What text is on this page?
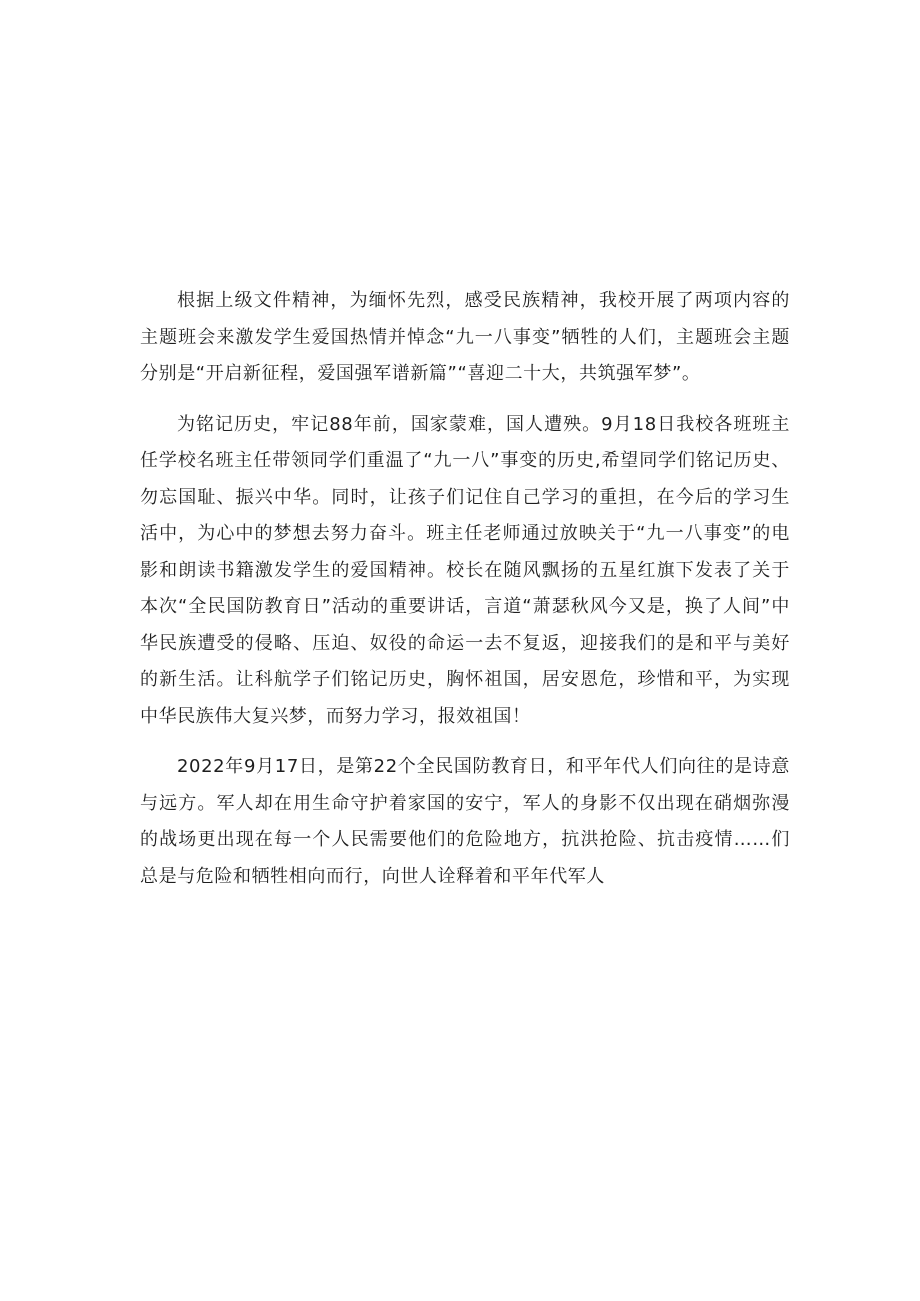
根据上级文件精神，为缅怀先烈，感受民族精神，我校开展了两项内容的主题班会来激发学生爱国热情并悼念“九一八事变”牺牲的人们，主题班会主题分别是“开启新征程，爱国强军谱新篇”“喜迎二十大，共筑强军梦”。

为铭记历史，牢记88年前，国家蒙难，国人遭殃。9月18日我校各班班主任学校名班主任带领同学们重温了“九一八”事变的历史,希望同学们铭记历史、勿忘国耻、振兴中华。同时，让孩子们记住自己学习的重担，在今后的学习生活中，为心中的梦想去努力奋斗。班主任老师通过放映关于“九一八事变”的电影和朗读书籍激发学生的爱国精神。校长在随风飘扬的五星红旗下发表了关于本次“全民国防教育日”活动的重要讲话，言道“萧瑟秋风今又是，换了人间”中华民族遭受的侵略、压迫、奴役的命运一去不复返，迎接我们的是和平与美好的新生活。让科航学子们铭记历史，胸怀祖国，居安恩危，珍惜和平，为实现中华民族伟大复兴梦，而努力学习，报效祖国！

2022年9月17日，是第22个全民国防教育日，和平年代人们向往的是诗意与远方。军人却在用生命守护着家国的安宁，军人的身影不仅出现在硝烟弥漫的战场更出现在每一个人民需要他们的危险地方，抗洪抢险、抗击疫情……们总是与危险和牺牲相向而行，向世人诠释着和平年代军人
